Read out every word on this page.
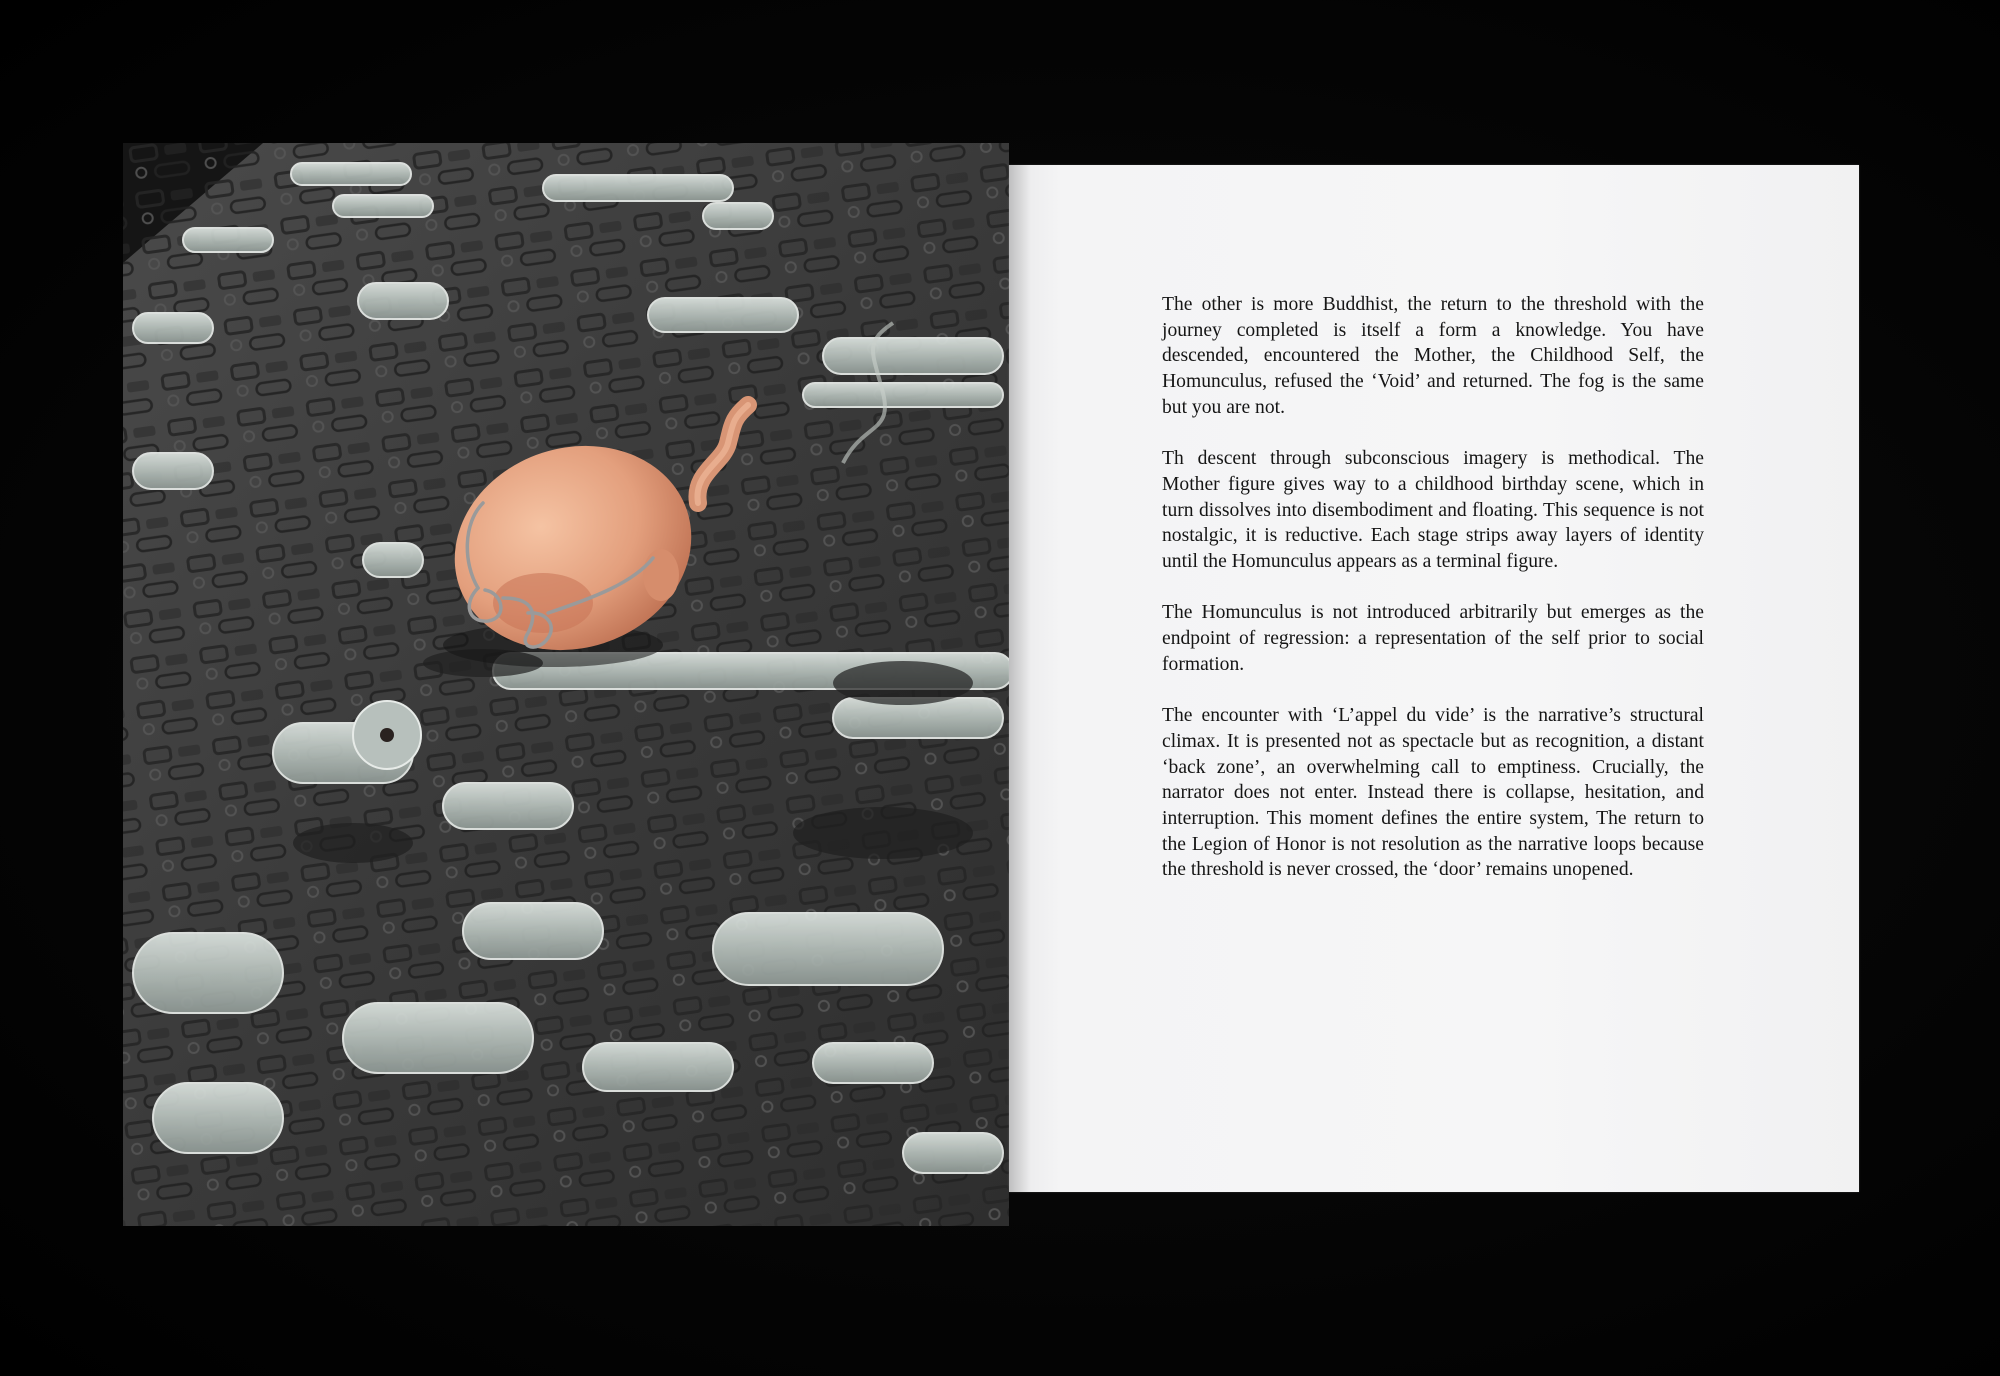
The other is more Buddhist, the return to the threshold with the journey completed is itself a form a knowledge. You have descended, encountered the Mother, the Childhood Self, the Homunculus, refused the ‘Void’ and returned. The fog is the same but you are not.

Th descent through subconscious imagery is methodical. The Mother figure gives way to a childhood birthday scene, which in turn dissolves into disembodiment and floating. This sequence is not nostalgic, it is reductive. Each stage strips away layers of identity until the Homunculus appears as a terminal figure.

The Homunculus is not introduced arbitrarily but emerges as the endpoint of regression: a representation of the self prior to social formation.

The encounter with ‘L’appel du vide’ is the narrative’s structural climax. It is presented not as spectacle but as recognition, a distant ‘back zone’, an overwhelming call to emptiness. Crucially, the narrator does not enter. Instead there is collapse, hesitation, and interruption. This moment defines the entire system, The return to the Legion of Honor is not resolution as the narrative loops because the threshold is never crossed, the ‘door’ remains unopened.
